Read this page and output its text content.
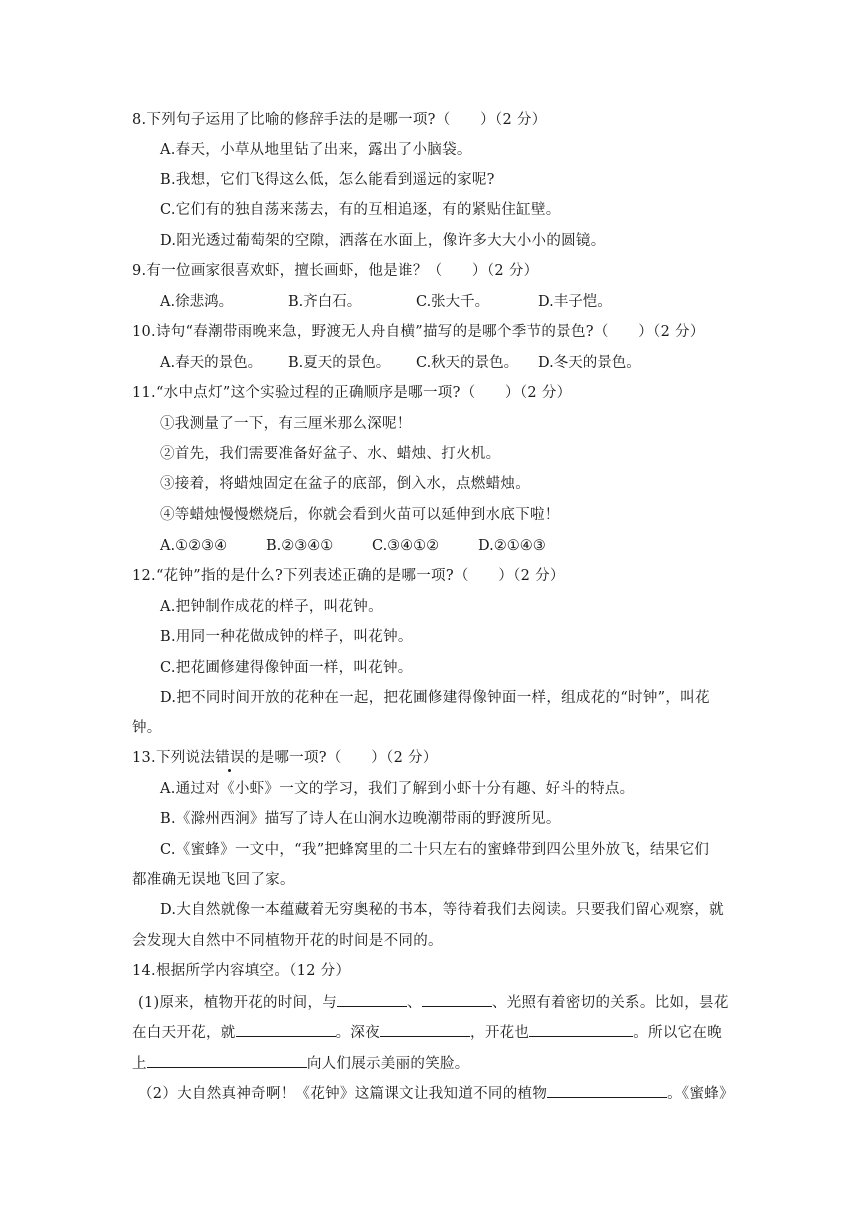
8.下列句子运用了比喻的修辞手法的是哪一项?（　　）（2 分）
A.春天，小草从地里钻了出来，露出了小脑袋。
B.我想，它们飞得这么低，怎么能看到遥远的家呢?
C.它们有的独自荡来荡去，有的互相追逐，有的紧贴住缸壁。
D.阳光透过葡萄架的空隙，洒落在水面上，像许多大大小小的圆镜。
9.有一位画家很喜欢虾，擅长画虾，他是谁？（　　）（2 分）
A.徐悲鸿。	B.齐白石。	C.张大千。	D.丰子恺。
10.诗句“春潮带雨晚来急，野渡无人舟自横”描写的是哪个季节的景色?（　　）（2 分）
A.春天的景色。 B.夏天的景色。 C.秋天的景色。 D.冬天的景色。
11.“水中点灯”这个实验过程的正确顺序是哪一项?（　　）（2 分）
①我测量了一下，有三厘米那么深呢！
②首先，我们需要准备好盆子、水、蜡烛、打火机。
③接着，将蜡烛固定在盆子的底部，倒入水，点燃蜡烛。
④等蜡烛慢慢燃烧后，你就会看到火苗可以延伸到水底下啦！
A.①②③④	B.②③④①	C.③④①②	D.②①④③
12.“花钟”指的是什么?下列表述正确的是哪一项?（　　）（2 分）
A.把钟制作成花的样子，叫花钟。
B.用同一种花做成钟的样子，叫花钟。
C.把花圃修建得像钟面一样，叫花钟。
D.把不同时间开放的花种在一起，把花圃修建得像钟面一样，组成花的“时钟”，叫花
钟。
13.下列说法错误的是哪一项?（　　）（2 分）
A.通过对《小虾》一文的学习，我们了解到小虾十分有趣、好斗的特点。
B.《滁州西涧》描写了诗人在山涧水边晚潮带雨的野渡所见。
C.《蜜蜂》一文中，“我”把蜂窝里的二十只左右的蜜蜂带到四公里外放飞，结果它们
都准确无误地飞回了家。
D.大自然就像一本蕴藏着无穷奥秘的书本，等待着我们去阅读。只要我们留心观察，就
会发现大自然中不同植物开花的时间是不同的。
14.根据所学内容填空。（12 分）
(1)原来，植物开花的时间，与	、	、光照有着密切的关系。比如，昙花
在白天开花，就	。深夜	，开花也	。所以它在晚
上	向人们展示美丽的笑脸。
（2）大自然真神奇啊！《花钟》这篇课文让我知道不同的植物	。《蜜蜂》
